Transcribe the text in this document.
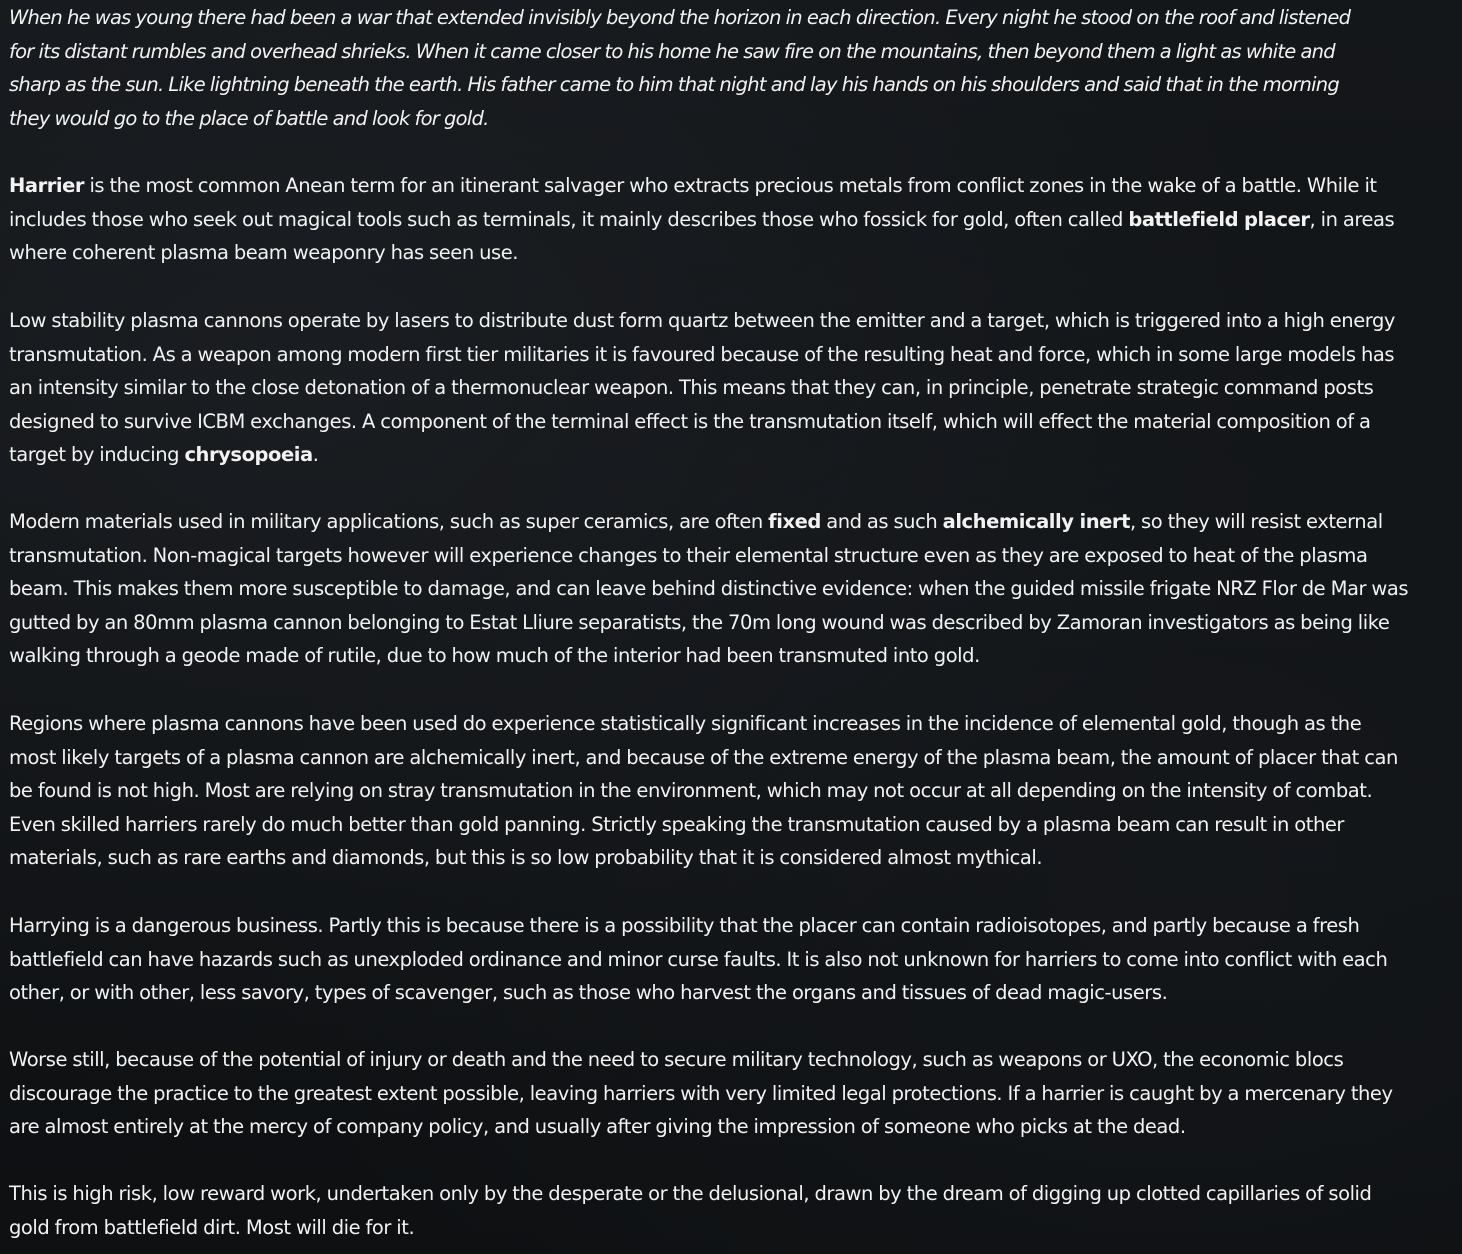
When he was young there had been a war that extended invisibly beyond the horizon in each direction. Every night he stood on the roof and listened
for its distant rumbles and overhead shrieks. When it came closer to his home he saw fire on the mountains, then beyond them a light as white and
sharp as the sun. Like lightning beneath the earth. His father came to him that night and lay his hands on his shoulders and said that in the morning
they would go to the place of battle and look for gold.

Harrier is the most common Anean term for an itinerant salvager who extracts precious metals from conflict zones in the wake of a battle. While it
includes those who seek out magical tools such as terminals, it mainly describes those who fossick for gold, often called battlefield placer, in areas
where coherent plasma beam weaponry has seen use.

Low stability plasma cannons operate by lasers to distribute dust form quartz between the emitter and a target, which is triggered into a high energy
transmutation. As a weapon among modern first tier militaries it is favoured because of the resulting heat and force, which in some large models has
an intensity similar to the close detonation of a thermonuclear weapon. This means that they can, in principle, penetrate strategic command posts
designed to survive ICBM exchanges. A component of the terminal effect is the transmutation itself, which will effect the material composition of a
target by inducing chrysopoeia.

Modern materials used in military applications, such as super ceramics, are often fixed and as such alchemically inert, so they will resist external
transmutation. Non-magical targets however will experience changes to their elemental structure even as they are exposed to heat of the plasma
beam. This makes them more susceptible to damage, and can leave behind distinctive evidence: when the guided missile frigate NRZ Flor de Mar was
gutted by an 80mm plasma cannon belonging to Estat Lliure separatists, the 70m long wound was described by Zamoran investigators as being like
walking through a geode made of rutile, due to how much of the interior had been transmuted into gold.

Regions where plasma cannons have been used do experience statistically significant increases in the incidence of elemental gold, though as the
most likely targets of a plasma cannon are alchemically inert, and because of the extreme energy of the plasma beam, the amount of placer that can
be found is not high. Most are relying on stray transmutation in the environment, which may not occur at all depending on the intensity of combat.
Even skilled harriers rarely do much better than gold panning. Strictly speaking the transmutation caused by a plasma beam can result in other
materials, such as rare earths and diamonds, but this is so low probability that it is considered almost mythical.

Harrying is a dangerous business. Partly this is because there is a possibility that the placer can contain radioisotopes, and partly because a fresh
battlefield can have hazards such as unexploded ordinance and minor curse faults. It is also not unknown for harriers to come into conflict with each
other, or with other, less savory, types of scavenger, such as those who harvest the organs and tissues of dead magic-users.

Worse still, because of the potential of injury or death and the need to secure military technology, such as weapons or UXO, the economic blocs
discourage the practice to the greatest extent possible, leaving harriers with very limited legal protections. If a harrier is caught by a mercenary they
are almost entirely at the mercy of company policy, and usually after giving the impression of someone who picks at the dead.

This is high risk, low reward work, undertaken only by the desperate or the delusional, drawn by the dream of digging up clotted capillaries of solid
gold from battlefield dirt. Most will die for it.
